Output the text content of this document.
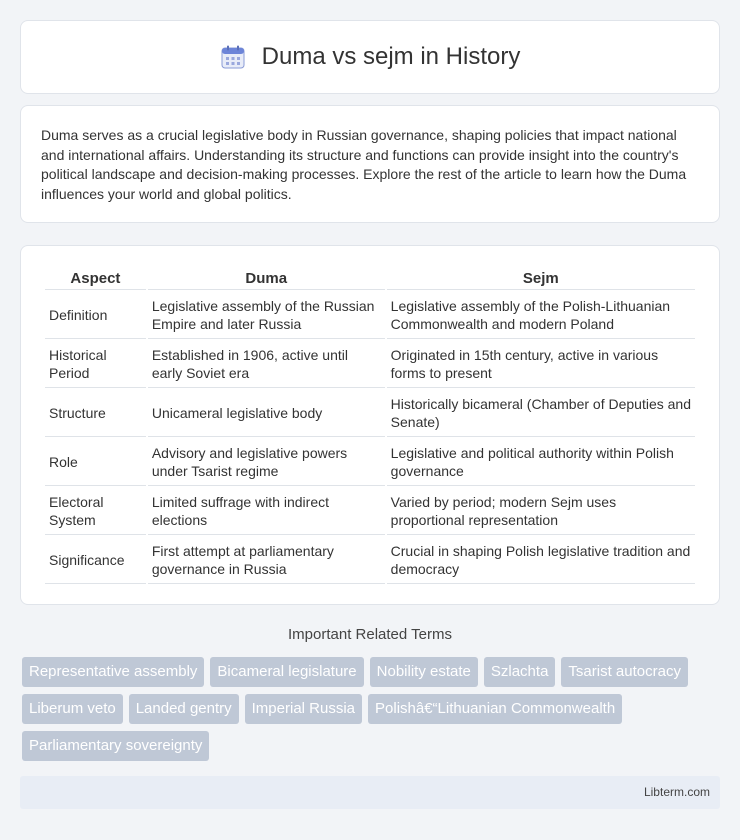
Duma vs sejm in History

Duma serves as a crucial legislative body in Russian governance, shaping policies that impact national and international affairs. Understanding its structure and functions can provide insight into the country's political landscape and decision-making processes. Explore the rest of the article to learn how the Duma influences your world and global politics.

Aspect	Duma	Sejm
Definition	Legislative assembly of the Russian Empire and later Russia	Legislative assembly of the Polish-Lithuanian Commonwealth and modern Poland
Historical Period	Established in 1906, active until early Soviet era	Originated in 15th century, active in various forms to present
Structure	Unicameral legislative body	Historically bicameral (Chamber of Deputies and Senate)
Role	Advisory and legislative powers under Tsarist regime	Legislative and political authority within Polish governance
Electoral System	Limited suffrage with indirect elections	Varied by period; modern Sejm uses proportional representation
Significance	First attempt at parliamentary governance in Russia	Crucial in shaping Polish legislative tradition and democracy
Important Related Terms
Representative assembly	Bicameral legislature	Nobility estate	Szlachta	Tsarist autocracy
Liberum veto	Landed gentry	Imperial Russia	Polishâ€“Lithuanian Commonwealth
Parliamentary sovereignty
Libterm.com
